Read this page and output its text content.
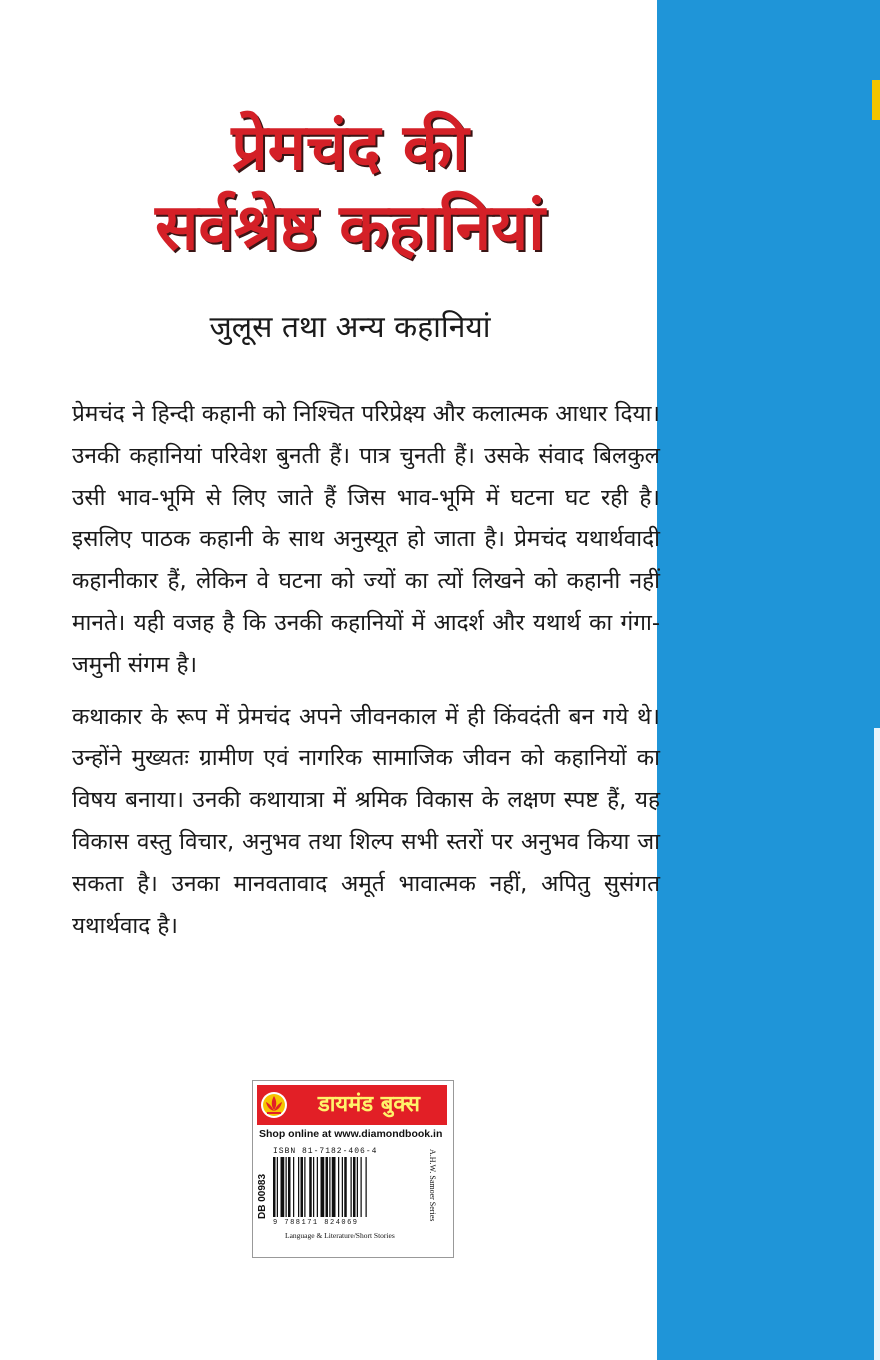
प्रेमचंद की
सर्वश्रेष्ठ कहानियां
जुलूस तथा अन्य कहानियां

प्रेमचंद ने हिन्दी कहानी को निश्चित परिप्रेक्ष्य और कलात्मक आधार दिया। उनकी कहानियां परिवेश बुनती हैं। पात्र चुनती हैं। उसके संवाद बिलकुल उसी भाव-भूमि से लिए जाते हैं जिस भाव-भूमि में घटना घट रही है। इसलिए पाठक कहानी के साथ अनुस्यूत हो जाता है। प्रेमचंद यथार्थवादी कहानीकार हैं, लेकिन वे घटना को ज्यों का त्यों लिखने को कहानी नहीं मानते। यही वजह है कि उनकी कहानियों में आदर्श और यथार्थ का गंगा-जमुनी संगम है।

कथाकार के रूप में प्रेमचंद अपने जीवनकाल में ही किंवदंती बन गये थे। उन्होंने मुख्यतः ग्रामीण एवं नागरिक सामाजिक जीवन को कहानियों का विषय बनाया। उनकी कथायात्रा में श्रमिक विकास के लक्षण स्पष्ट हैं, यह विकास वस्तु विचार, अनुभव तथा शिल्प सभी स्तरों पर अनुभव किया जा सकता है। उनका मानवतावाद अमूर्त भावात्मक नहीं, अपितु सुसंगत यथार्थवाद है।

डायमंड बुक्स
Shop online at www.diamondbook.in
DB 00983
ISBN 81-7182-406-4
9 788171 824069
Language & Literature/Short Stories
A.H.W. Samoer Series
